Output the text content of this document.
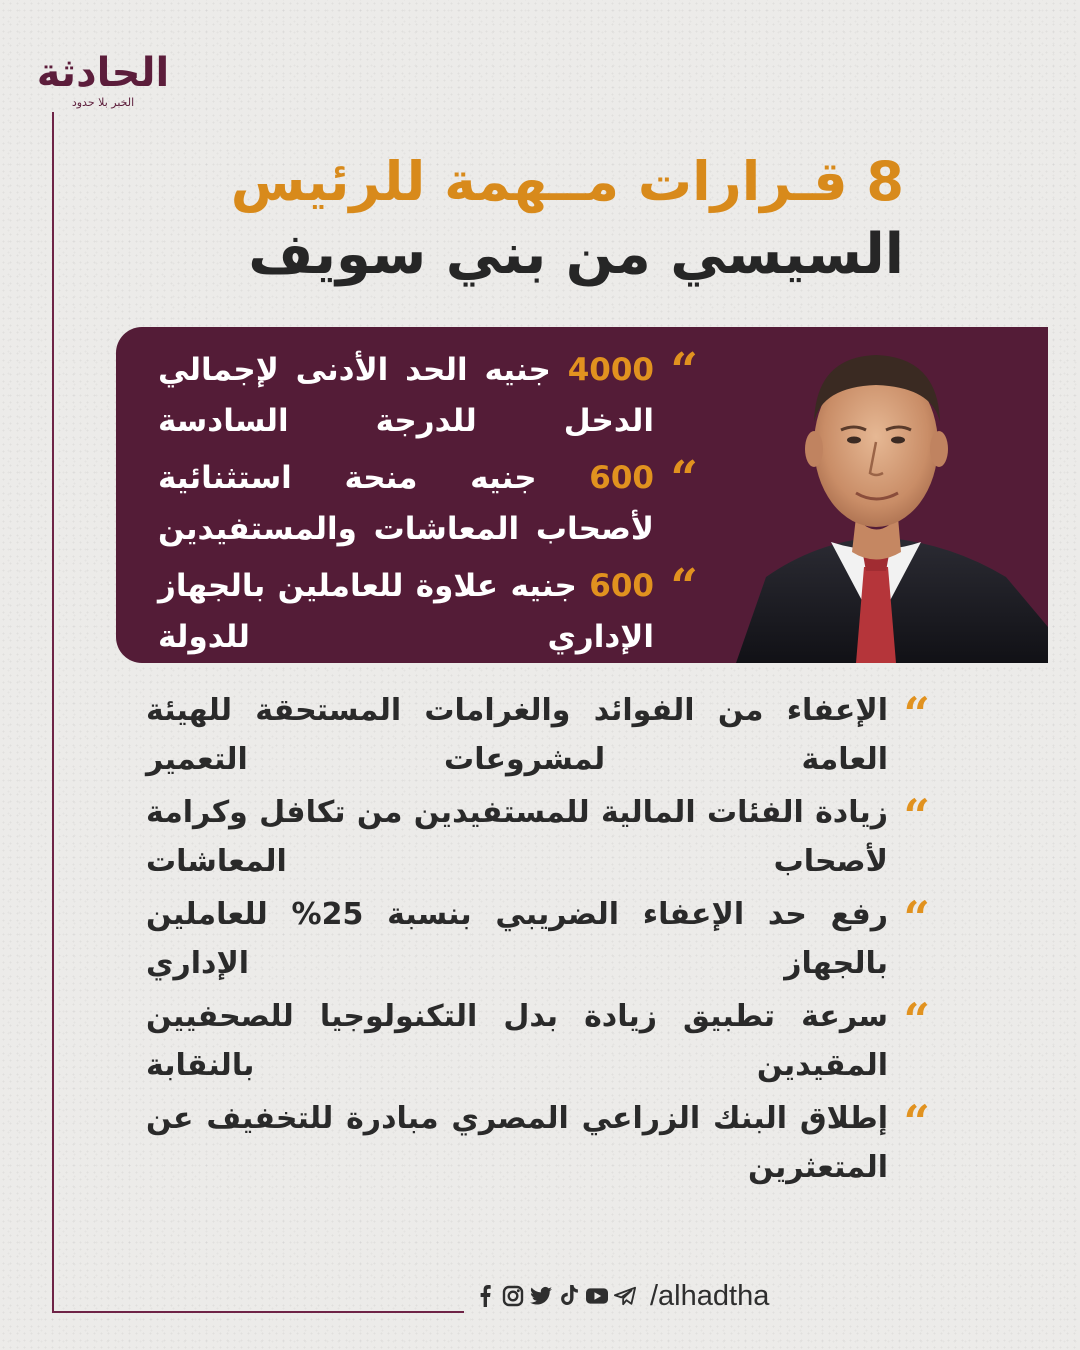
الحادثة
الخبر بلا حدود
8 قـرارات مــهمة للرئيس
السيسي من بني سويف
“

4000 جنيه الحد الأدنى لإجمالي الدخل للدرجة السادسة

“

600 جنيه منحة استثنائية لأصحاب المعاشات والمستفيدين

“

600 جنيه علاوة للعاملين بالجهاز الإداري للدولة

“

الإعفاء من الفوائد والغرامات المستحقة للهيئة العامة لمشروعات التعمير

“

زيادة الفئات المالية للمستفيدين من تكافل وكرامة لأصحاب المعاشات

“

رفع حد الإعفاء الضريبي بنسبة 25% للعاملين بالجهاز الإداري

“

سرعة تطبيق زيادة بدل التكنولوجيا للصحفيين المقيدين بالنقابة

“

إطلاق البنك الزراعي المصري مبادرة للتخفيف عن المتعثرين

/alhadtha
